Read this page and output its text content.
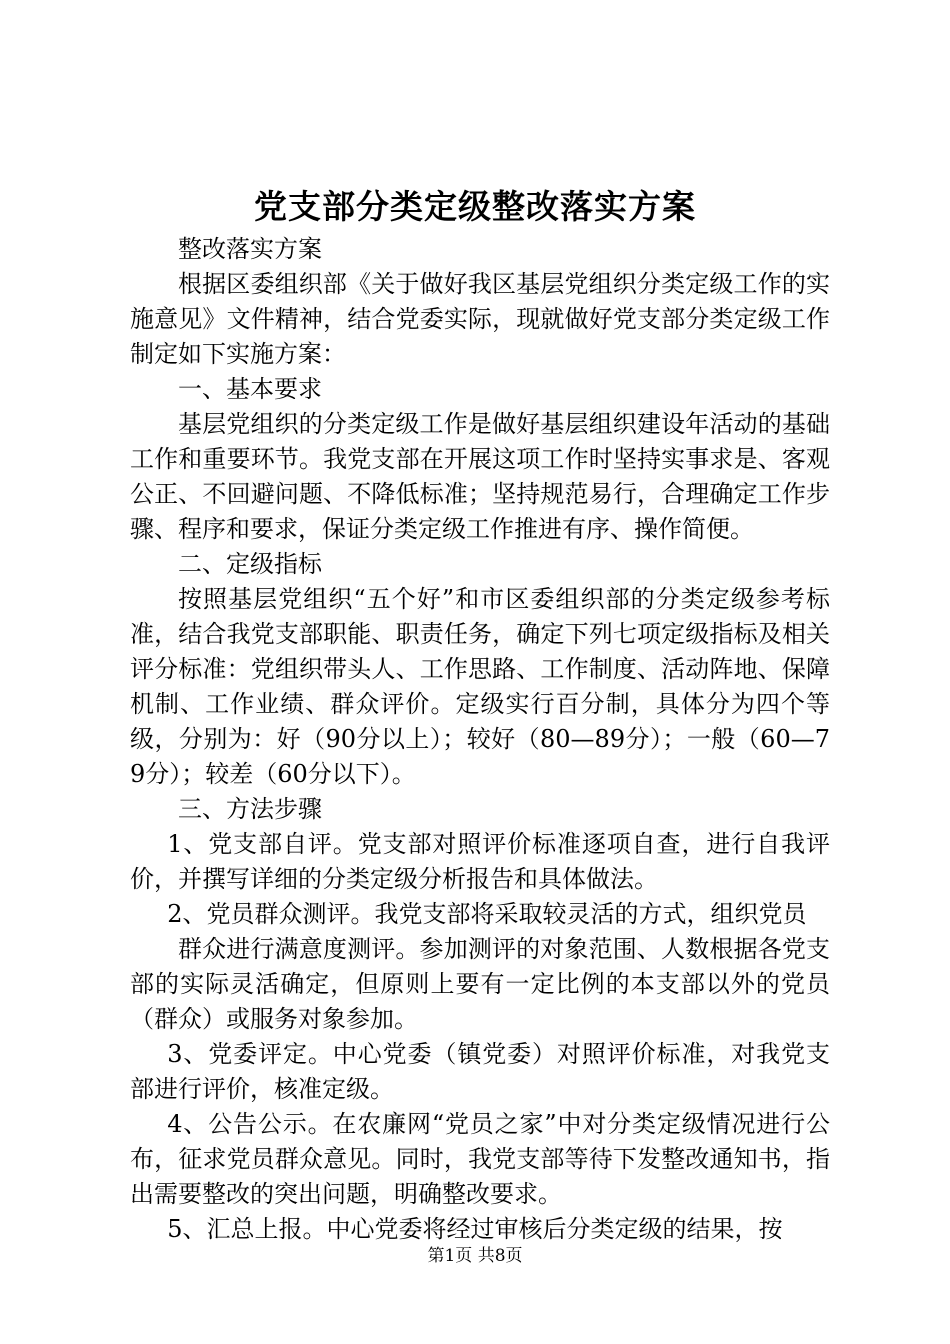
党支部分类定级整改落实方案

整改落实方案

根据区委组织部《关于做好我区基层党组织分类定级工作的实施意见》文件精神，结合党委实际，现就做好党支部分类定级工作制定如下实施方案：

一、基本要求

基层党组织的分类定级工作是做好基层组织建设年活动的基础工作和重要环节。我党支部在开展这项工作时坚持实事求是、客观公正、不回避问题、不降低标准；坚持规范易行，合理确定工作步骤、程序和要求，保证分类定级工作推进有序、操作简便。

二、定级指标

按照基层党组织“五个好”和市区委组织部的分类定级参考标准，结合我党支部职能、职责任务，确定下列七项定级指标及相关评分标准：党组织带头人、工作思路、工作制度、活动阵地、保障机制、工作业绩、群众评价。定级实行百分制，具体分为四个等级，分别为：好（90分以上）；较好（80—89分）；一般（60—79分）；较差（60分以下）。

三、方法步骤

1、党支部自评。党支部对照评价标准逐项自查，进行自我评价，并撰写详细的分类定级分析报告和具体做法。

2、党员群众测评。我党支部将采取较灵活的方式，组织党员

群众进行满意度测评。参加测评的对象范围、人数根据各党支部的实际灵活确定，但原则上要有一定比例的本支部以外的党员（群众）或服务对象参加。

3、党委评定。中心党委（镇党委）对照评价标准，对我党支部进行评价，核准定级。

4、公告公示。在农廉网“党员之家”中对分类定级情况进行公布，征求党员群众意见。同时，我党支部等待下发整改通知书，指出需要整改的突出问题，明确整改要求。

5、汇总上报。中心党委将经过审核后分类定级的结果，按

第1页 共8页
